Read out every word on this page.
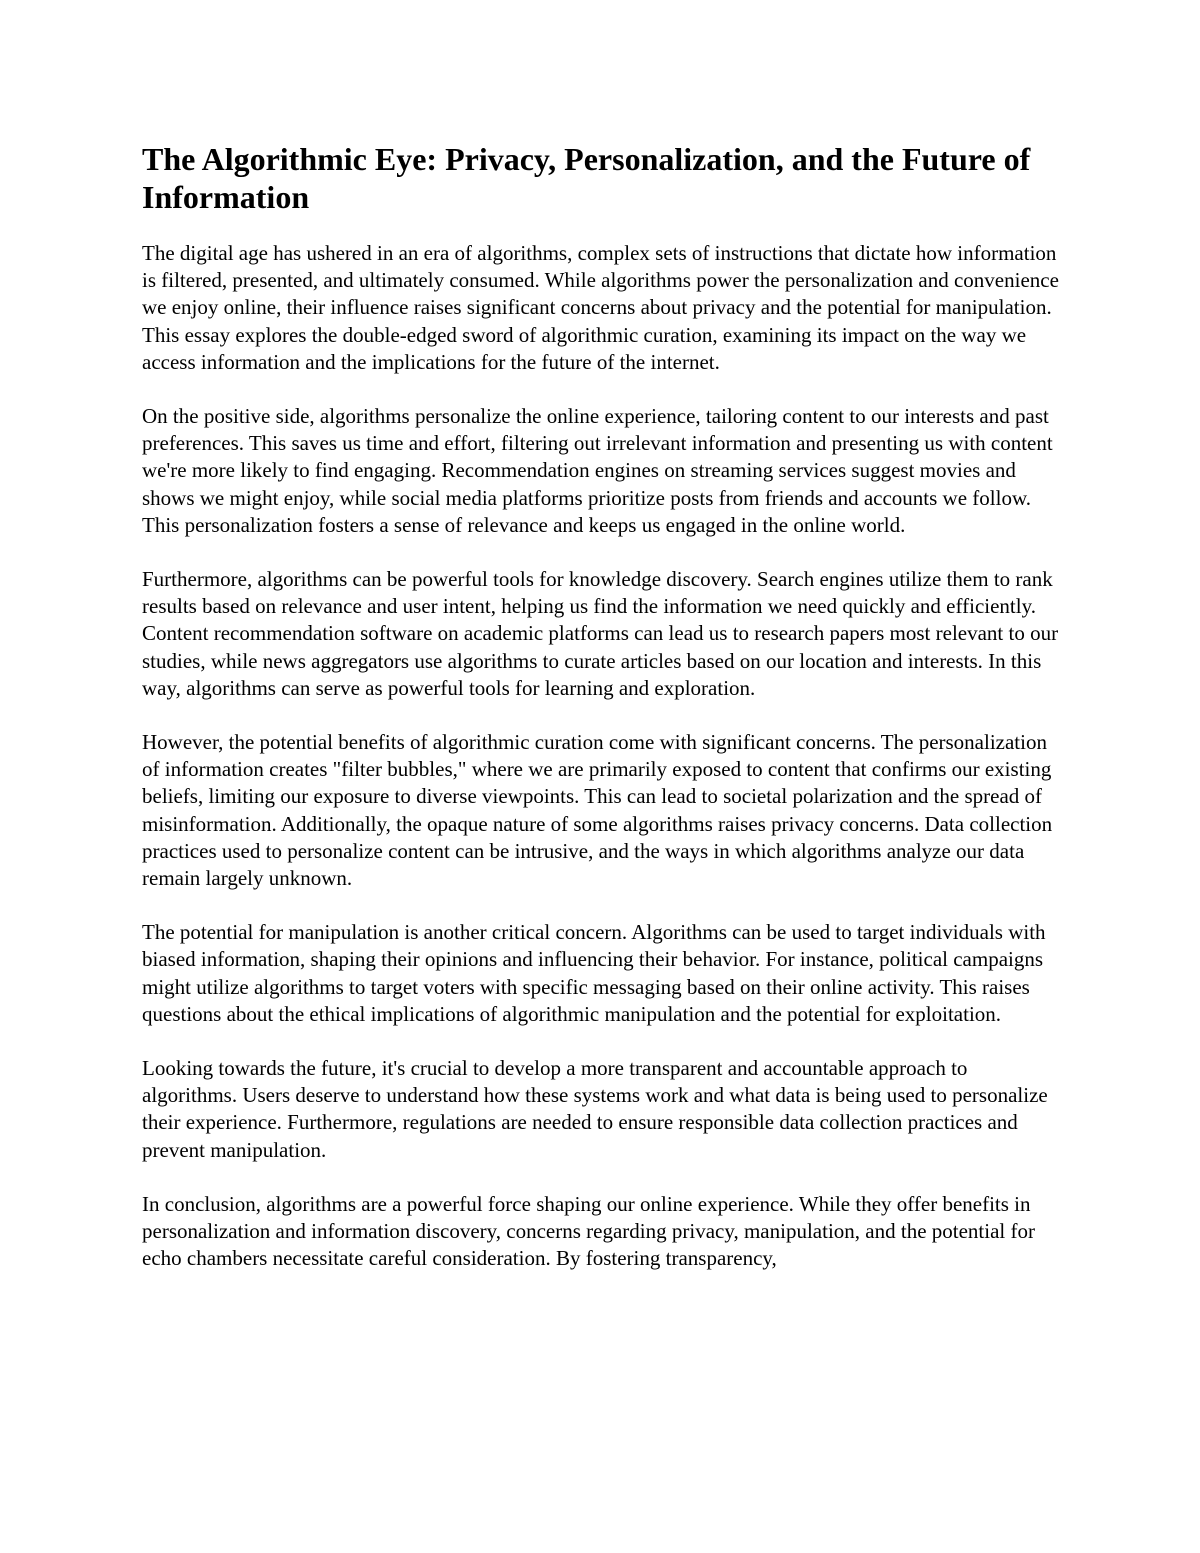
The Algorithmic Eye: Privacy, Personalization, and the Future of Information

The digital age has ushered in an era of algorithms, complex sets of instructions that dictate how information is filtered, presented, and ultimately consumed. While algorithms power the personalization and convenience we enjoy online, their influence raises significant concerns about privacy and the potential for manipulation. This essay explores the double-edged sword of algorithmic curation, examining its impact on the way we access information and the implications for the future of the internet.

On the positive side, algorithms personalize the online experience, tailoring content to our interests and past preferences. This saves us time and effort, filtering out irrelevant information and presenting us with content we're more likely to find engaging. Recommendation engines on streaming services suggest movies and shows we might enjoy, while social media platforms prioritize posts from friends and accounts we follow. This personalization fosters a sense of relevance and keeps us engaged in the online world.

Furthermore, algorithms can be powerful tools for knowledge discovery. Search engines utilize them to rank results based on relevance and user intent, helping us find the information we need quickly and efficiently. Content recommendation software on academic platforms can lead us to research papers most relevant to our studies, while news aggregators use algorithms to curate articles based on our location and interests. In this way, algorithms can serve as powerful tools for learning and exploration.

However, the potential benefits of algorithmic curation come with significant concerns. The personalization of information creates "filter bubbles," where we are primarily exposed to content that confirms our existing beliefs, limiting our exposure to diverse viewpoints. This can lead to societal polarization and the spread of misinformation. Additionally, the opaque nature of some algorithms raises privacy concerns. Data collection practices used to personalize content can be intrusive, and the ways in which algorithms analyze our data remain largely unknown.

The potential for manipulation is another critical concern. Algorithms can be used to target individuals with biased information, shaping their opinions and influencing their behavior. For instance, political campaigns might utilize algorithms to target voters with specific messaging based on their online activity. This raises questions about the ethical implications of algorithmic manipulation and the potential for exploitation.

Looking towards the future, it's crucial to develop a more transparent and accountable approach to algorithms. Users deserve to understand how these systems work and what data is being used to personalize their experience. Furthermore, regulations are needed to ensure responsible data collection practices and prevent manipulation.

In conclusion, algorithms are a powerful force shaping our online experience. While they offer benefits in personalization and information discovery, concerns regarding privacy, manipulation, and the potential for echo chambers necessitate careful consideration. By fostering transparency,
